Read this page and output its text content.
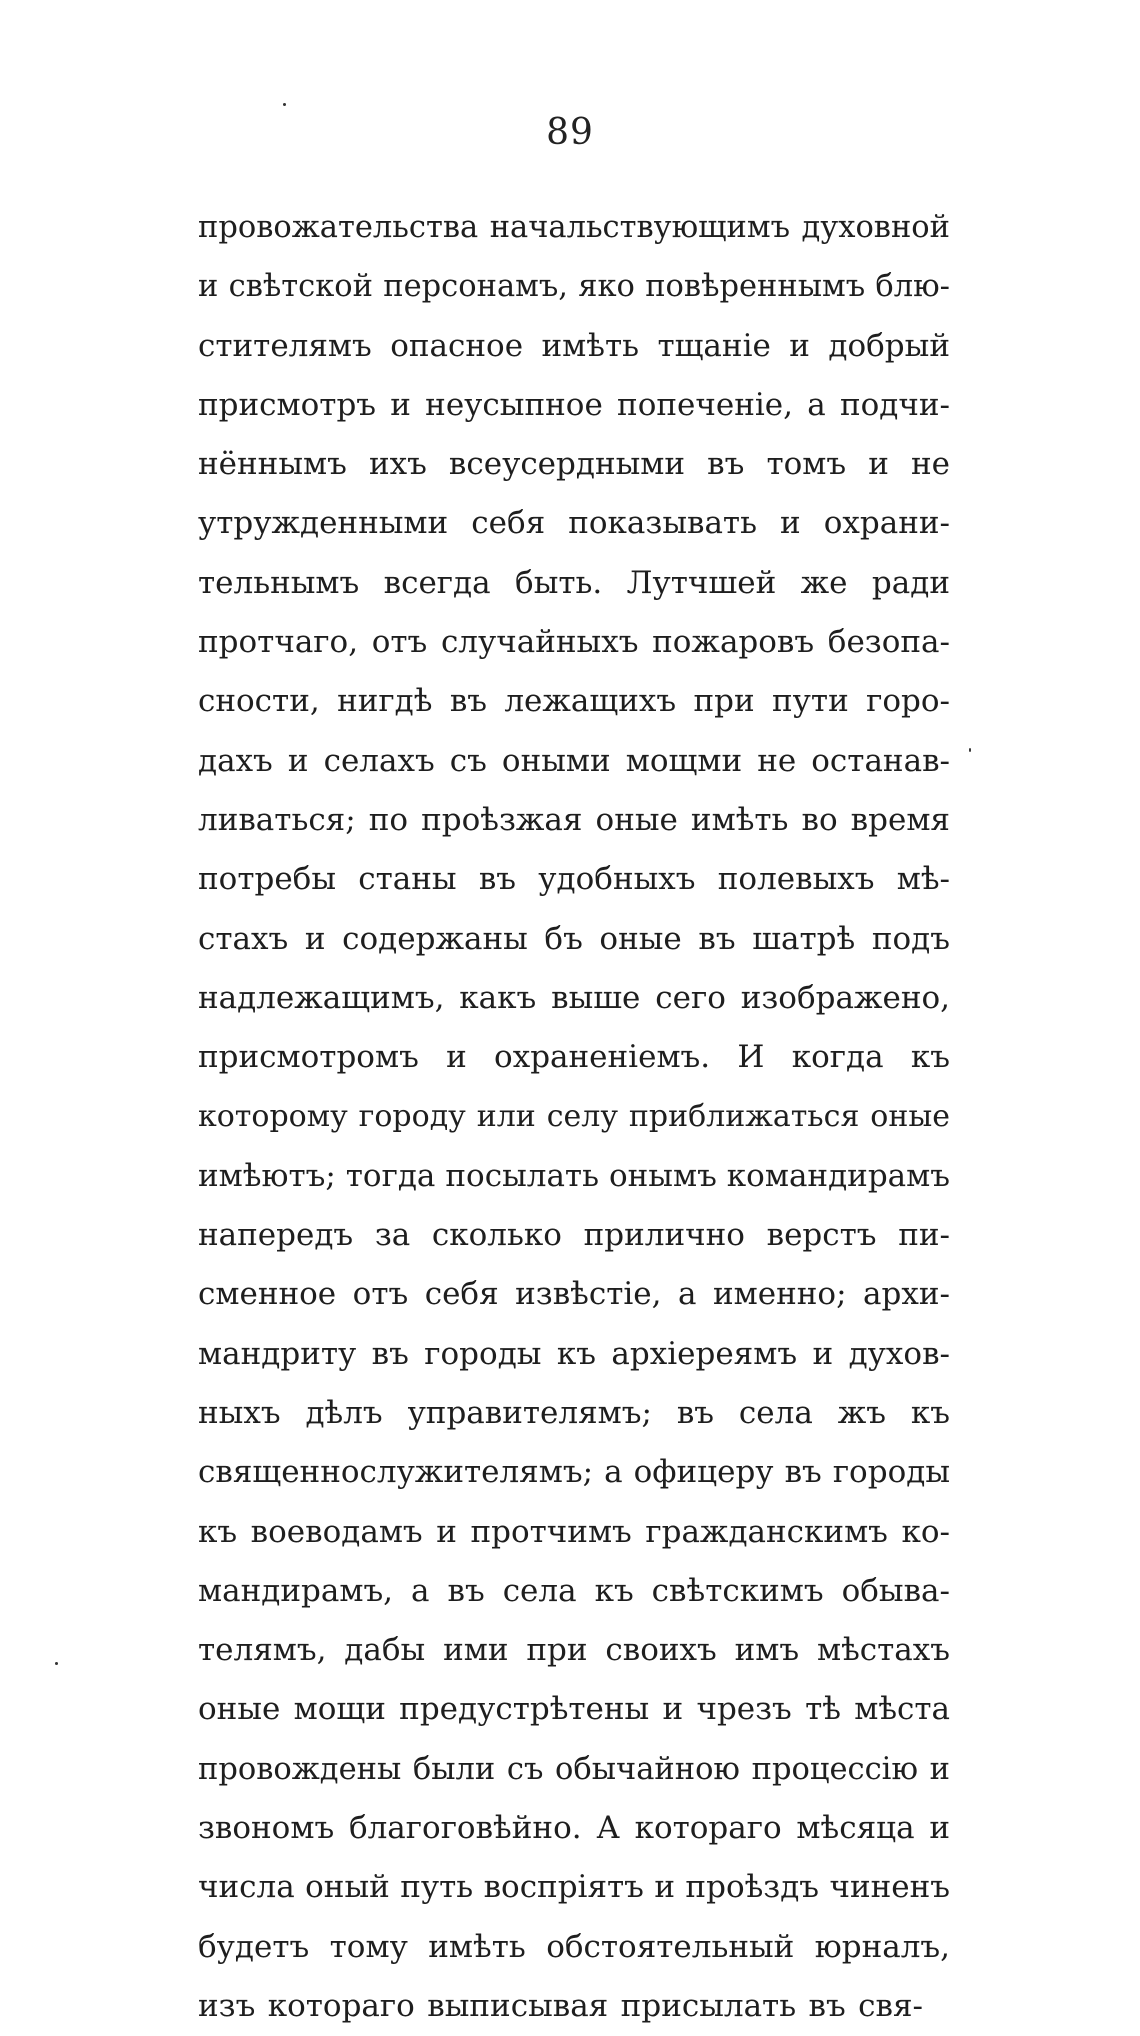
89
провожательства начальствующимъ духовной
и свѣтской персонамъ, яко повѣреннымъ блю-
стителямъ опасное имѣть тщаніе и добрый
присмотръ и неусыпное попеченіе, а подчи-
нённымъ ихъ всеусердными въ томъ и не
утружденными себя показывать и охрани-
тельнымъ всегда быть. Лутчшей же ради
протчаго, отъ случайныхъ пожаровъ безопа-
сности, нигдѣ въ лежащихъ при пути горо-
дахъ и селахъ съ оными мощми не останав-
ливаться; по проѣзжая оные имѣть во время
потребы станы въ удобныхъ полевыхъ мѣ-
стахъ и содержаны бъ оные въ шатрѣ подъ
надлежащимъ, какъ выше сего изображено,
присмотромъ и охраненіемъ. И когда къ
которому городу или селу приближаться оные
имѣютъ; тогда посылать онымъ командирамъ
напередъ за сколько прилично верстъ пи-
сменное отъ себя извѣстіе, а именно; архи-
мандриту въ городы къ архіереямъ и духов-
ныхъ дѣлъ управителямъ; въ села жъ къ
священнослужителямъ; а офицеру въ городы
къ воеводамъ и протчимъ гражданскимъ ко-
мандирамъ, а въ села къ свѣтскимъ обыва-
телямъ, дабы ими при своихъ имъ мѣстахъ
оные мощи предустрѣтены и чрезъ тѣ мѣста
провождены были съ обычайною процессію и
звономъ благоговѣйно. А котораго мѣсяца и
числа оный путь воспріятъ и проѣздъ чиненъ
будетъ тому имѣть обстоятельный юрналъ,
изъ котораго выписывая присылать въ свя-
